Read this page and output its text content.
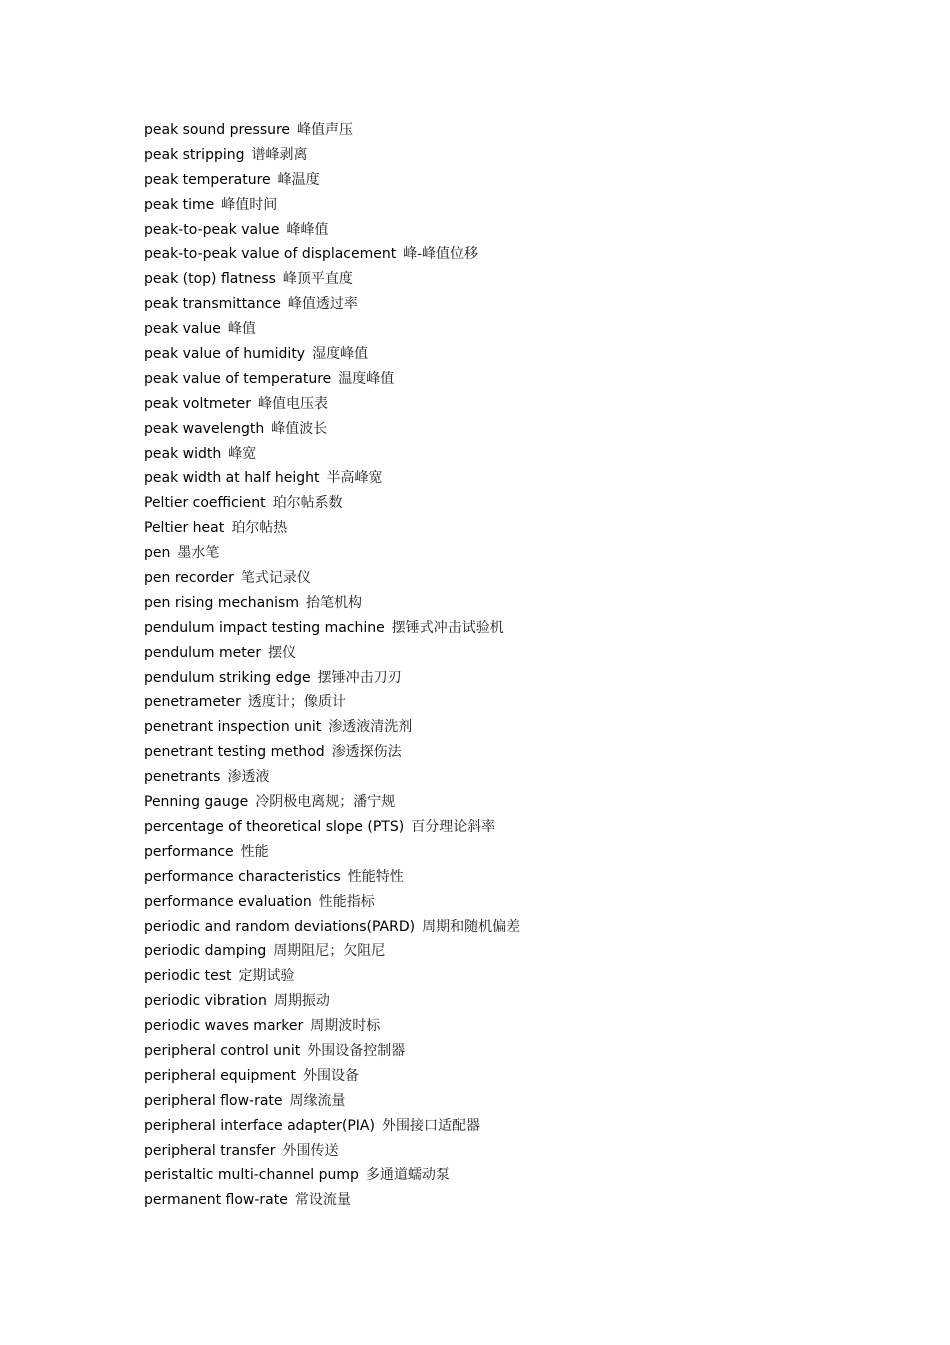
peak sound pressure 峰值声压
peak stripping 谱峰剥离
peak temperature 峰温度
peak time 峰值时间
peak-to-peak value 峰峰值
peak-to-peak value of displacement 峰-峰值位移
peak (top) flatness 峰顶平直度
peak transmittance 峰值透过率
peak value 峰值
peak value of humidity 湿度峰值
peak value of temperature 温度峰值
peak voltmeter 峰值电压表
peak wavelength 峰值波长
peak width 峰宽
peak width at half height 半高峰宽
Peltier coefficient 珀尔帖系数
Peltier heat 珀尔帖热
pen 墨水笔
pen recorder 笔式记录仪
pen rising mechanism 抬笔机构
pendulum impact testing machine 摆锤式冲击试验机
pendulum meter 摆仪
pendulum striking edge 摆锤冲击刀刃
penetrameter 透度计；像质计
penetrant inspection unit 渗透液清洗剂
penetrant testing method 渗透探伤法
penetrants 渗透液
Penning gauge 冷阴极电离规；潘宁规
percentage of theoretical slope (PTS) 百分理论斜率
performance 性能
performance characteristics 性能特性
performance evaluation 性能指标
periodic and random deviations(PARD) 周期和随机偏差
periodic damping 周期阻尼；欠阻尼
periodic test 定期试验
periodic vibration 周期振动
periodic waves marker 周期波时标
peripheral control unit 外围设备控制器
peripheral equipment 外围设备
peripheral flow-rate 周缘流量
peripheral interface adapter(PIA) 外围接口适配器
peripheral transfer 外围传送
peristaltic multi-channel pump 多通道蠕动泵
permanent flow-rate 常设流量
